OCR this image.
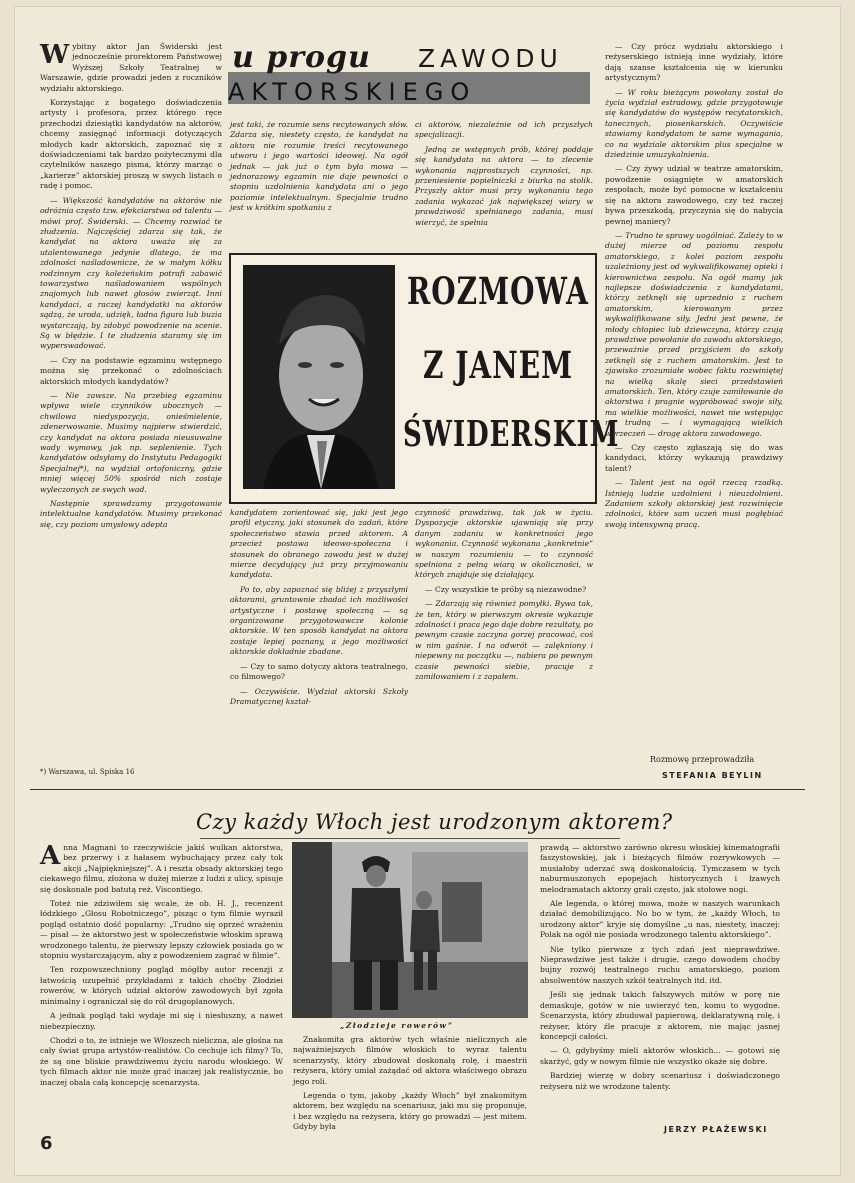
u progu ZAWODU
AKTORSKIEGO

Wybitny aktor Jan Świderski jest jednocześnie prorektorem Państwowej Wyższej Szkoły Teatralnej w Warszawie, gdzie prowadzi jeden z roczników wydziału aktorskiego.

Korzystając z bogatego doświadczenia artysty i profesora, przez którego ręce przechodzi dziesiątki kandydatów na aktorów, chcemy zasięgnąć informacji dotyczących młodych kadr aktorskich, zapoznać się z doświadczeniami tak bardzo pożytecznymi dla czytelników naszego pisma, którzy marząc o „karierze” aktorskiej proszą w swych listach o radę i pomoc.

— Większość kandydatów na aktorów nie odróżnia często tzw. efekciarstwa od talentu — mówi prof. Świderski. — Chcemy rozwiać te złudzenia. Najczęściej zdarza się tak, że kandydat na aktora uważa się za utalentowanego jedynie dlatego, że ma zdolności naśladownicze, że w małym kółku rodzinnym czy koleżeńskim potrafi zabawić towarzystwo naśladowaniem wspólnych znajomych lub nawet głosów zwierząt. Inni kandydaci, a raczej kandydatki na aktorów sądzą, że uroda, udzięk, ładna figura lub buzia wystarczają, by zdobyć powodzenie na scenie. Są w błędzie. I te złudzenia staramy się im wyperswadować.

— Czy na podstawie egzaminu wstępnego można się przekonać o zdolnościach aktorskich młodych kandydatów?

— Nie zawsze. Na przebieg egzaminu wpływa wiele czynników ubocznych — chwilowa niedyspozycja, onieśmielenie, zdenerwowanie. Musimy najpierw stwierdzić, czy kandydat na aktora posiada nieusuwalne wady wymowy, jak np. seplenienie. Tych kandydatów odsyłamy do Instytutu Pedagogiki Specjalnej*), na wydział ortofoniczny, gdzie mniej więcej 50% spośród nich zostaje wyleczonych ze swych wad.

Następnie sprawdzamy przygotowanie intelektualne kandydatów. Musimy przekonać się, czy poziom umysłowy adepta

*) Warszawa, ul. Spiska 16

jest taki, że rozumie sens recytowanych słów. Zdarza się, niestety często, że kandydat na aktora nie rozumie treści recytowanego utworu i jego wartości ideowej. Na ogół jednak — jak już o tym była mowa — jednorazowy egzamin nie daje pewności o stopniu uzdolnienia kandydata ani o jego poziomie intelektualnym. Specjalnie trudno jest w krótkim spotkaniu z

ci aktorów, niezależnie od ich przyszłych specjalizacji.

Jedną ze wstępnych prób, której poddaje się kandydata na aktora — to zlecenie wykonania najprostszych czynności, np. przeniesienie popielniczki z biurka na stolik. Przyszły aktor musi przy wykonaniu tego zadania wykazać jak największej wiary w prawdziwość spełnianego zadania, musi wierzyć, że spełnia

ROZMOWA
Z JANEM
ŚWIDERSKIM

kandydatem zorientować się, jaki jest jego profil etyczny, jaki stosunek do zadań, które społeczeństwo stawia przed aktorem. A przecież postawa ideowo-społeczna i stosunek do obranego zawodu jest w dużej mierze decydujący już przy przyjmowaniu kandydata.

Po to, aby zapoznać się bliżej z przyszłymi aktorami, gruntownie zbadać ich możliwości artystyczne i postawę społeczną — są organizowane przygotowawcze kolonie aktorskie. W ten sposób kandydat na aktora zostaje lepiej poznany, a jego możliwości aktorskie dokładnie zbadane.

— Czy to samo dotyczy aktora teatralnego, co filmowego?

— Oczywiście. Wydział aktorski Szkoły Dramatycznej kształ-

czynność prawdziwą, tak jak w życiu. Dyspozycje aktorskie ujawniają się przy danym zadaniu w konkretności jego wykonania. Czynność wykonana „konkretnie” w naszym rozumieniu — to czynność spełniona z pełną wiarą w okoliczności, w których znajduje się działający.

— Czy wszystkie te próby są niezawodne?

— Zdarzają się również pomyłki. Bywa tak, że ten, który w pierwszym okresie wykazuje zdolności i praca jego daje dobre rezultaty, po pewnym czasie zaczyna gorzej pracować, coś w nim gaśnie. I na odwrót — zalękniony i niepewny na początku —, nabiera po pewnym czasie pewności siebie, pracuje z zamiłowaniem i z zapałem.

— Czy prócz wydziału aktorskiego i reżyserskiego istnieją inne wydziały, które dają szanse kształcenia się w kierunku artystycznym?

— W roku bieżącym powołany został do życia wydział estradowy, gdzie przygotowuje się kandydatów do występów recytatorskich, tanecznych, piosenkarskich. Oczywiście stawiamy kandydatom te same wymagania, co na wydziale aktorskim plus specjalne w dziedzinie umuzykalnienia.

— Czy żywy udział w teatrze amatorskim, powodzenie osiągnięte w amatorskich zespołach, może być pomocne w kształceniu się na aktora zawodowego, czy też raczej bywa przeszkodą, przyczynia się do nabycia pewnej maniery?

— Trudno te sprawy uogólniać. Zależy to w dużej mierze od poziomu zespołu amatorskiego, z kolei poziom zespołu uzależniony jest od wykwalifikowanej opieki i kierownictwa zespołu. Na ogół mamy jak najlepsze doświadczenia z kandydatami, którzy zetknęli się uprzednio z ruchem amatorskim, kierowanym przez wykwalifikowane siły. Jedni jest pewne, że młody chłopiec lub dziewczyna, którzy czują prawdziwe powołanie do zawodu aktorskiego, przeważnie przed przyjściem do szkoły zetknęli się z ruchem amatorskim. Jest to zjawisko zrozumiałe wobec faktu rozwiniętej na wielką skalę sieci przedstawień amatorskich. Ten, który czuje zamiłowanie do aktorstwa i pragnie wypróbować swoje siły, ma wielkie możliwości, nawet nie wstępując na trudną — i wymagającą wielkich wyrzeczeń — drogę aktora zawodowego.

— Czy często zgłaszają się do was kandydaci, którzy wykazują prawdziwy talent?

— Talent jest na ogół rzeczą rzadką. Istnieją ludzie uzdolnieni i nieuzdolnieni. Zadaniem szkoły aktorskiej jest rozwinięcie zdolności, które sam uczeń musi pogłębiać swoją intensywną pracą.

Rozmowę przeprowadziła
STEFANIA BEYLIN
Czy każdy Włoch jest urodzonym aktorem?

Anna Magnani to rzeczywiście jakiś wulkan aktorstwa, bez przerwy i z hałasem wybuchający przez cały tok akcji „Najpiękniejszej”. A i reszta obsady aktorskiej tego ciekawego filmu, złożona w dużej mierze z ludzi z ulicy, spisuje się doskonale pod batutą reż. Viscontiego.

Toteż nie zdziwiłem się wcale, że ob. H. J., recenzent łódzkiego „Głosu Robotniczego”, pisząc o tym filmie wyraził pogląd ostatnio dość popularny: „Trudno się oprzeć wrażeniu — pisał — że aktorstwo jest w społeczeństwie włoskim sprawą wrodzonego talentu, że pierwszy lepszy człowiek posiada go w stopniu wystarczającym, aby z powodzeniem zagrać w filmie”.

Ten rozpowszechniony pogląd mógłby autor recenzji z łatwością uzupełnić przykładami z takich choćby Złodziei rowerów, w których udział aktorów zawodowych był zgoła minimalny i ograniczał się do ról drugoplanowych.

A jednak pogląd taki wydaje mi się i niesłuszny, a nawet niebezpieczny.

Chodzi o to, że istnieje we Włoszech nieliczna, ale głośna na cały świat grupa artystów-realistów. Co cechuje ich filmy? To, że są one bliskie prawdziwemu życiu narodu włoskiego. W tych filmach aktor nie może grać inaczej jak realistycznie, bo inaczej obala całą koncepcję scenarzysta.

„Złodzieje rowerów”

Znakomita gra aktorów tych właśnie nielicznych ale najważniejszych filmów włoskich to wyraz talentu scenarzysty, który zbudował doskonałą rolę, i maestrii reżysera, który umiał zażądać od aktora właściwego obrazu jego roli.

Legenda o tym, jakoby „każdy Włoch” był znakomitym aktorem, bez względu na scenariusz, jaki mu się proponuje, i bez względu na reżysera, który go prowadzi — jest mitem. Gdyby była

prawdą — aktorstwo zarówno okresu włoskiej kinematografii faszystowskiej, jak i bieżących filmów rozrywkowych — musiałoby uderzać swą doskonałością. Tymczasem w tych naburmuszonych epopejach historycznych i łzawych melodramatach aktorzy grali często, jak stołowe nogi.

Ale legenda, o której mowa, może w naszych warunkach działać demobilizująco. No bo w tym, że „każdy Włoch, to urodzony aktor” kryje się domyślne „u nas, niestety, inaczej: Polak na ogół nie posiada wrodzonego talentu aktorskiego”.

Nie tylko pierwsze z tych zdań jest nieprawdziwe. Nieprawdziwe jest także i drugie, czego dowodem choćby bujny rozwój teatralnego ruchu amatorskiego, poziom absolwentów naszych szkół teatralnych itd. itd.

Jeśli się jednak takich fałszywych mitów w porę nie demaskuje, gotów w nie uwierzyć ten, komu to wygodne. Scenarzysta, który zbudował papierową, deklaratywną rolę, i reżyser, który źle pracuje z aktorem, nie mając jasnej koncepcji całości.

— O, gdybyśmy mieli aktorów włoskich... — gotowi się skarżyć, gdy w nowym filmie nie wszystko okaże się dobre.

Bardziej wierzę w dobry scenariusz i doświadczonego reżysera niż we wrodzone talenty.

JERZY PŁAŻEWSKI
6
